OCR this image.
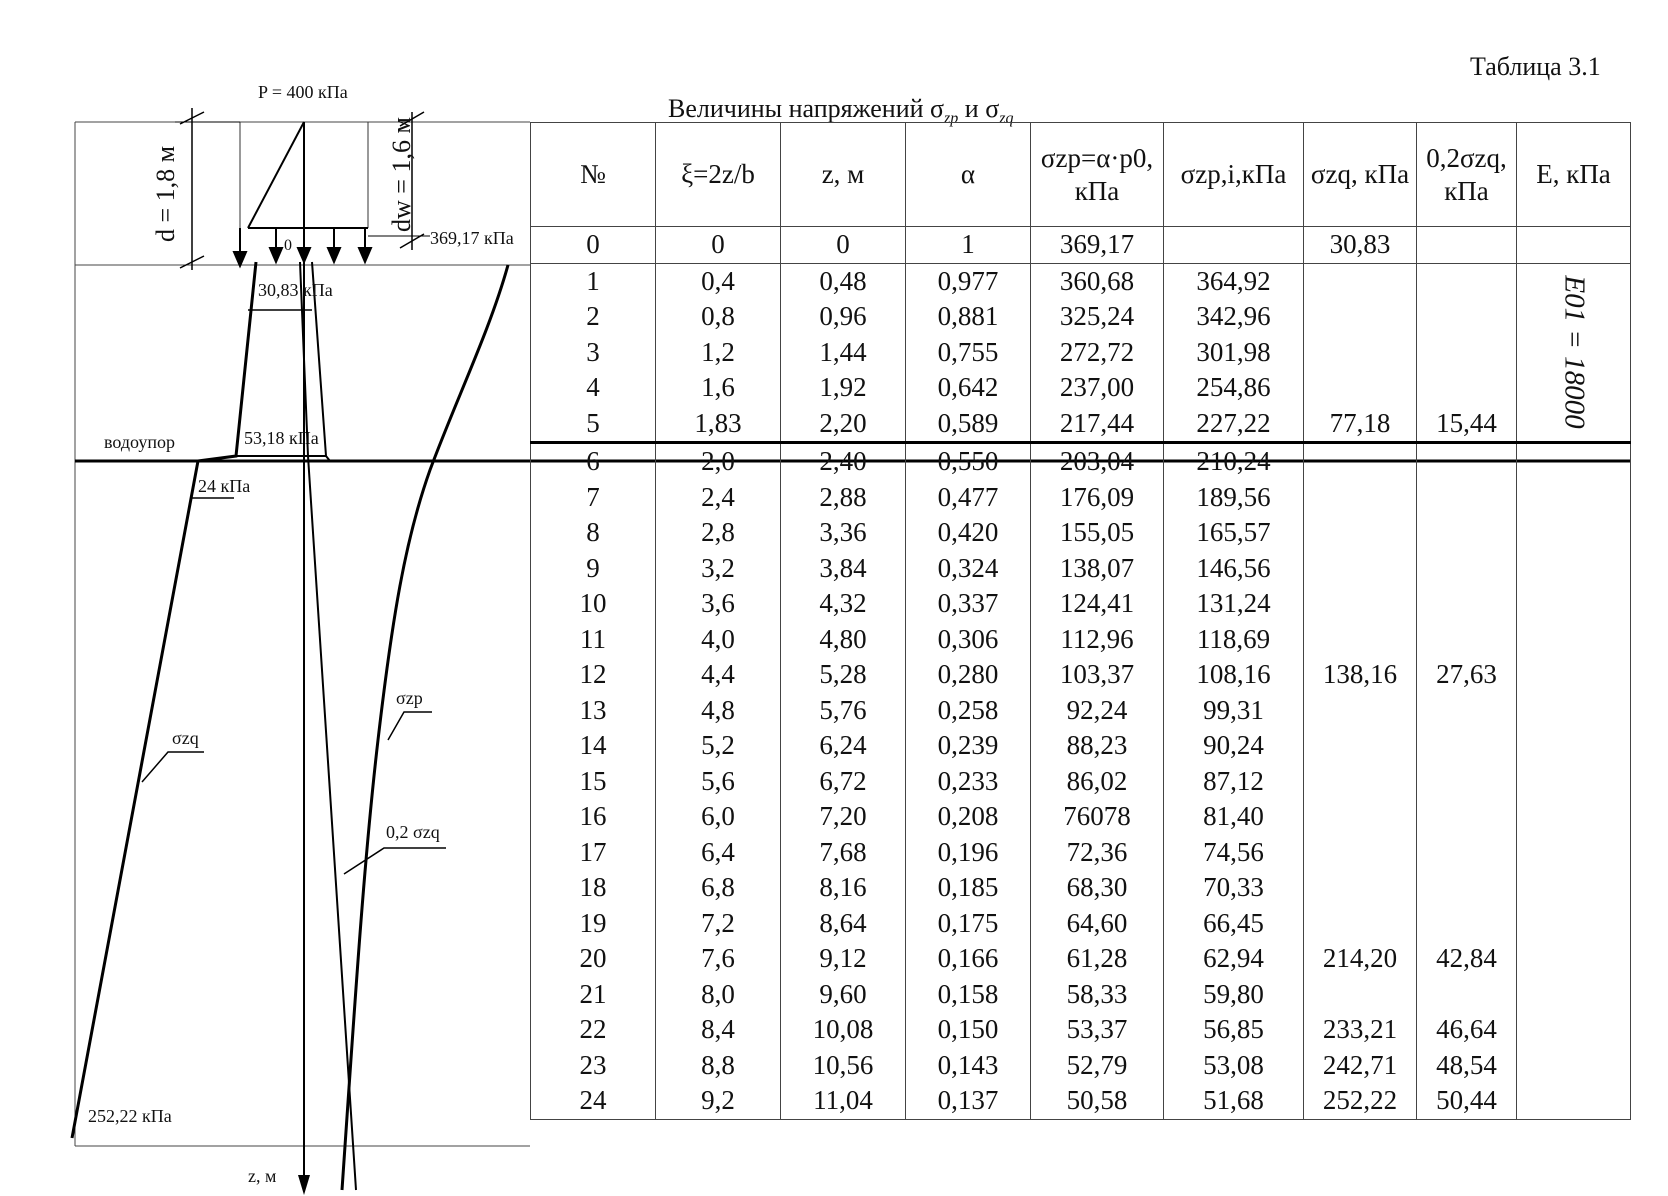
Таблица 3.1
Величины напряжений $\sigma_{zp}$ и $\sigma_{zq}$
d = 1,8 м	dw = 1,6 м
P = 400 кПа
369,17 кПа
0
z, м
30,83 кПа
водоупор	53,18 кПа
24 кПа
252,22 кПа
σzp
σzq
0,2 σzq
№	ξ=2z/b	z, м	α	σzp=α·p0, кПа	σzp,i,кПа	σzq, кПа	0,2σzq, кПа	E, кПа
0	0	0	1	369,17		30,83		
1	0,4	0,48	0,977	360,68	364,92			E01 = 18000

2	0,8	0,96	0,881	325,24	342,96			
3	1,2	1,44	0,755	272,72	301,98			
4	1,6	1,92	0,642	237,00	254,86			
5	1,83	2,20	0,589	217,44	227,22	77,18	15,44	
6	2,0	2,40	0,550	203,04	210,24			
7	2,4	2,88	0,477	176,09	189,56			
8	2,8	3,36	0,420	155,05	165,57			
9	3,2	3,84	0,324	138,07	146,56			
10	3,6	4,32	0,337	124,41	131,24			
11	4,0	4,80	0,306	112,96	118,69			
12	4,4	5,28	0,280	103,37	108,16	138,16	27,63	
13	4,8	5,76	0,258	92,24	99,31			
14	5,2	6,24	0,239	88,23	90,24			
15	5,6	6,72	0,233	86,02	87,12			
16	6,0	7,20	0,208	76078	81,40			
17	6,4	7,68	0,196	72,36	74,56			
18	6,8	8,16	0,185	68,30	70,33			
19	7,2	8,64	0,175	64,60	66,45			
20	7,6	9,12	0,166	61,28	62,94	214,20	42,84	
21	8,0	9,60	0,158	58,33	59,80			
22	8,4	10,08	0,150	53,37	56,85	233,21	46,64	
23	8,8	10,56	0,143	52,79	53,08	242,71	48,54	
24	9,2	11,04	0,137	50,58	51,68	252,22	50,44	
